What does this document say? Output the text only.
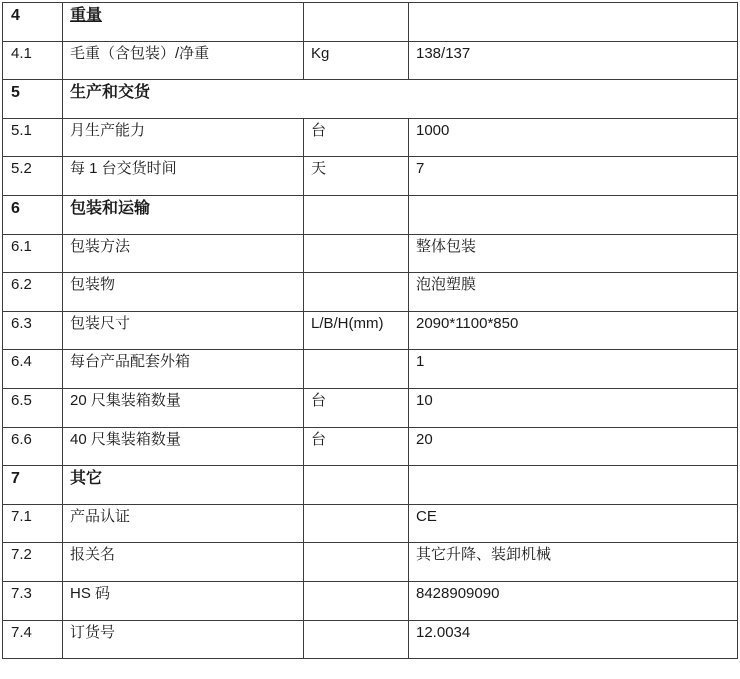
4	重量		
4.1	毛重（含包装）/净重	Kg	138/137
5	生产和交货		
5.1	月生产能力	台	1000
5.2	每 1 台交货时间	天	7
6	包装和运输		
6.1	包装方法		整体包装
6.2	包装物		泡泡塑膜
6.3	包装尺寸	L/B/H(mm)	2090*1100*850
6.4	每台产品配套外箱		1
6.5	20 尺集装箱数量	台	10
6.6	40 尺集装箱数量	台	20
7	其它		
7.1	产品认证		CE
7.2	报关名		其它升降、装卸机械
7.3	HS 码		8428909090
7.4	订货号		12.0034
